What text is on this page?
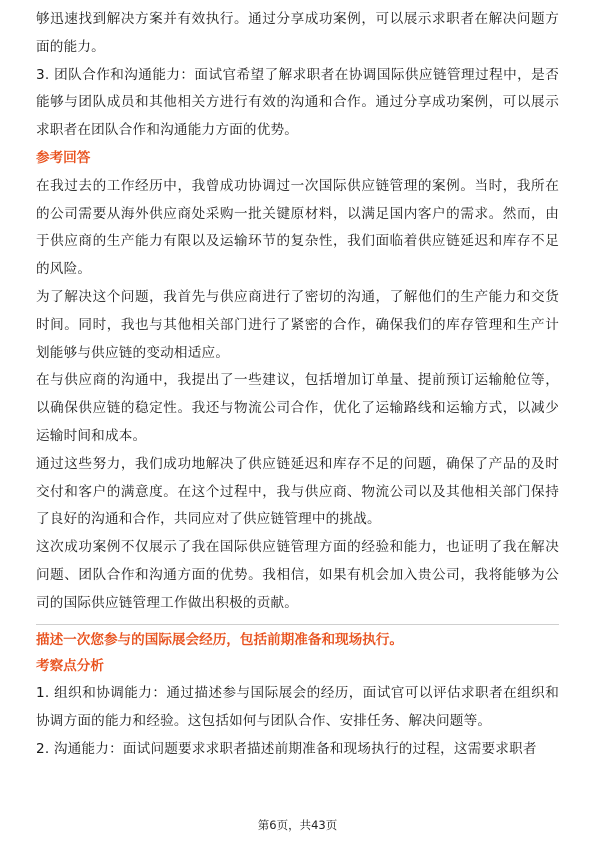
够迅速找到解决方案并有效执行。通过分享成功案例，可以展示求职者在解决问题方面的能力。

3. 团队合作和沟通能力：面试官希望了解求职者在协调国际供应链管理过程中，是否能够与团队成员和其他相关方进行有效的沟通和合作。通过分享成功案例，可以展示求职者在团队合作和沟通能力方面的优势。

参考回答

在我过去的工作经历中，我曾成功协调过一次国际供应链管理的案例。当时，我所在的公司需要从海外供应商处采购一批关键原材料，以满足国内客户的需求。然而，由于供应商的生产能力有限以及运输环节的复杂性，我们面临着供应链延迟和库存不足的风险。

为了解决这个问题，我首先与供应商进行了密切的沟通，了解他们的生产能力和交货时间。同时，我也与其他相关部门进行了紧密的合作，确保我们的库存管理和生产计划能够与供应链的变动相适应。

在与供应商的沟通中，我提出了一些建议，包括增加订单量、提前预订运输舱位等，以确保供应链的稳定性。我还与物流公司合作，优化了运输路线和运输方式，以减少运输时间和成本。

通过这些努力，我们成功地解决了供应链延迟和库存不足的问题，确保了产品的及时交付和客户的满意度。在这个过程中，我与供应商、物流公司以及其他相关部门保持了良好的沟通和合作，共同应对了供应链管理中的挑战。

这次成功案例不仅展示了我在国际供应链管理方面的经验和能力，也证明了我在解决问题、团队合作和沟通方面的优势。我相信，如果有机会加入贵公司，我将能够为公司的国际供应链管理工作做出积极的贡献。

描述一次您参与的国际展会经历，包括前期准备和现场执行。

考察点分析

1. 组织和协调能力：通过描述参与国际展会的经历，面试官可以评估求职者在组织和协调方面的能力和经验。这包括如何与团队合作、安排任务、解决问题等。

2. 沟通能力：面试问题要求求职者描述前期准备和现场执行的过程，这需要求职者

第6页，共43页
